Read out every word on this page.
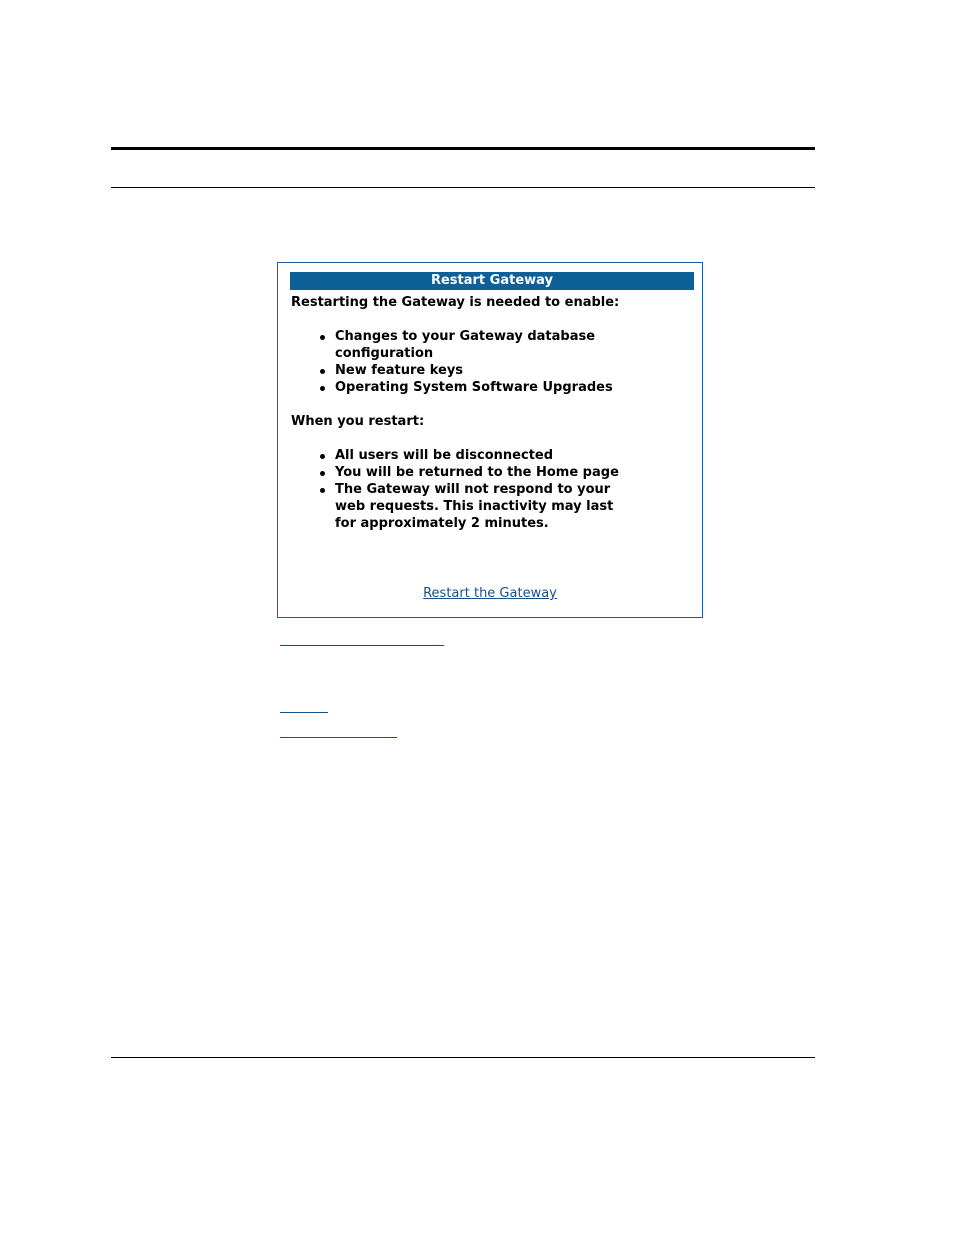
Restart Gateway

Restarting the Gateway is needed to enable:

Changes to your Gateway database configuration
New feature keys
Operating System Software Upgrades

When you restart:

All users will be disconnected
You will be returned to the Home page
The Gateway will not respond to your web requests. This inactivity may last for approximately 2 minutes.
Restart the Gateway
